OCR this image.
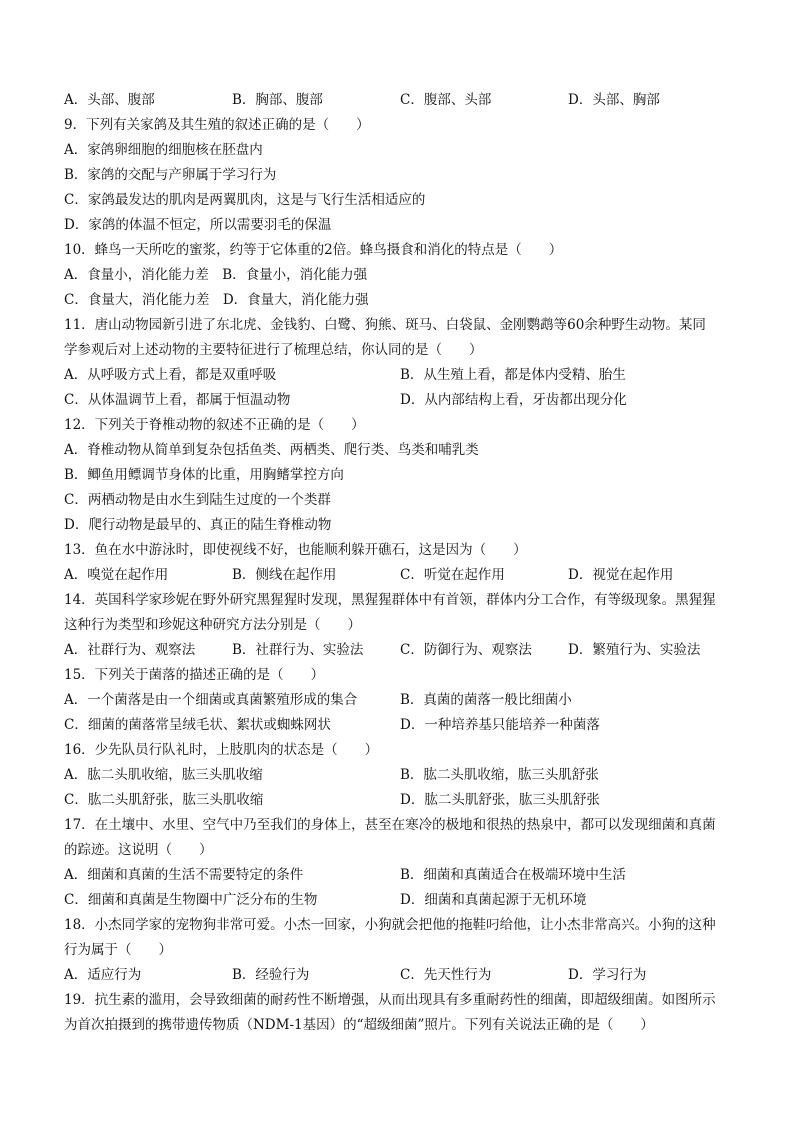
A．头部、腹部	B．胸部、腹部	C．腹部、头部	D．头部、胸部
9．下列有关家鸽及其生殖的叙述正确的是（　　）
A．家鸽卵细胞的细胞核在胚盘内
B．家鸽的交配与产卵属于学习行为
C．家鸽最发达的肌肉是两翼肌肉，这是与飞行生活相适应的
D．家鸽的体温不恒定，所以需要羽毛的保温
10．蜂鸟一天所吃的蜜浆，约等于它体重的2倍。蜂鸟摄食和消化的特点是（　　）
A．食量小，消化能力差　B．食量小，消化能力强
C．食量大，消化能力差　D．食量大，消化能力强
11．唐山动物园新引进了东北虎、金钱豹、白鹭、狗熊、斑马、白袋鼠、金刚鹦鹉等60余种野生动物。某同
学参观后对上述动物的主要特征进行了梳理总结，你认同的是（　　）
A．从呼吸方式上看，都是双重呼吸	B．从生殖上看，都是体内受精、胎生
C．从体温调节上看，都属于恒温动物	D．从内部结构上看，牙齿都出现分化
12．下列关于脊椎动物的叙述不正确的是（　　）
A．脊椎动物从简单到复杂包括鱼类、两栖类、爬行类、鸟类和哺乳类
B．鲫鱼用鳔调节身体的比重，用胸鳍掌控方向
C．两栖动物是由水生到陆生过度的一个类群
D．爬行动物是最早的、真正的陆生脊椎动物
13．鱼在水中游泳时，即使视线不好，也能顺利躲开礁石，这是因为（　　）
A．嗅觉在起作用	B．侧线在起作用	C．听觉在起作用	D．视觉在起作用
14．英国科学家珍妮在野外研究黑猩猩时发现，黑猩猩群体中有首领，群体内分工合作，有等级现象。黑猩猩
这种行为类型和珍妮这种研究方法分别是（　　）
A．社群行为、观察法	B．社群行为、实验法	C．防御行为、观察法	D．繁殖行为、实验法
15．下列关于菌落的描述正确的是（　　）
A．一个菌落是由一个细菌或真菌繁殖形成的集合	B．真菌的菌落一般比细菌小
C．细菌的菌落常呈绒毛状、絮状或蜘蛛网状	D．一种培养基只能培养一种菌落
16．少先队员行队礼时，上肢肌肉的状态是（　　）
A．肱二头肌收缩，肱三头肌收缩	B．肱二头肌收缩，肱三头肌舒张
C．肱二头肌舒张，肱三头肌收缩	D．肱二头肌舒张，肱三头肌舒张
17．在土壤中、水里、空气中乃至我们的身体上，甚至在寒冷的极地和很热的热泉中，都可以发现细菌和真菌
的踪迹。这说明（　　）
A．细菌和真菌的生活不需要特定的条件	B．细菌和真菌适合在极端环境中生活
C．细菌和真菌是生物圈中广泛分布的生物	D．细菌和真菌起源于无机环境
18．小杰同学家的宠物狗非常可爱。小杰一回家，小狗就会把他的拖鞋叼给他，让小杰非常高兴。小狗的这种
行为属于（　　）
A．适应行为	B．经验行为	C．先天性行为	D．学习行为
19．抗生素的滥用，会导致细菌的耐药性不断增强，从而出现具有多重耐药性的细菌，即超级细菌。如图所示
为首次拍摄到的携带遗传物质（NDM-1基因）的“超级细菌”照片。下列有关说法正确的是（　　）
